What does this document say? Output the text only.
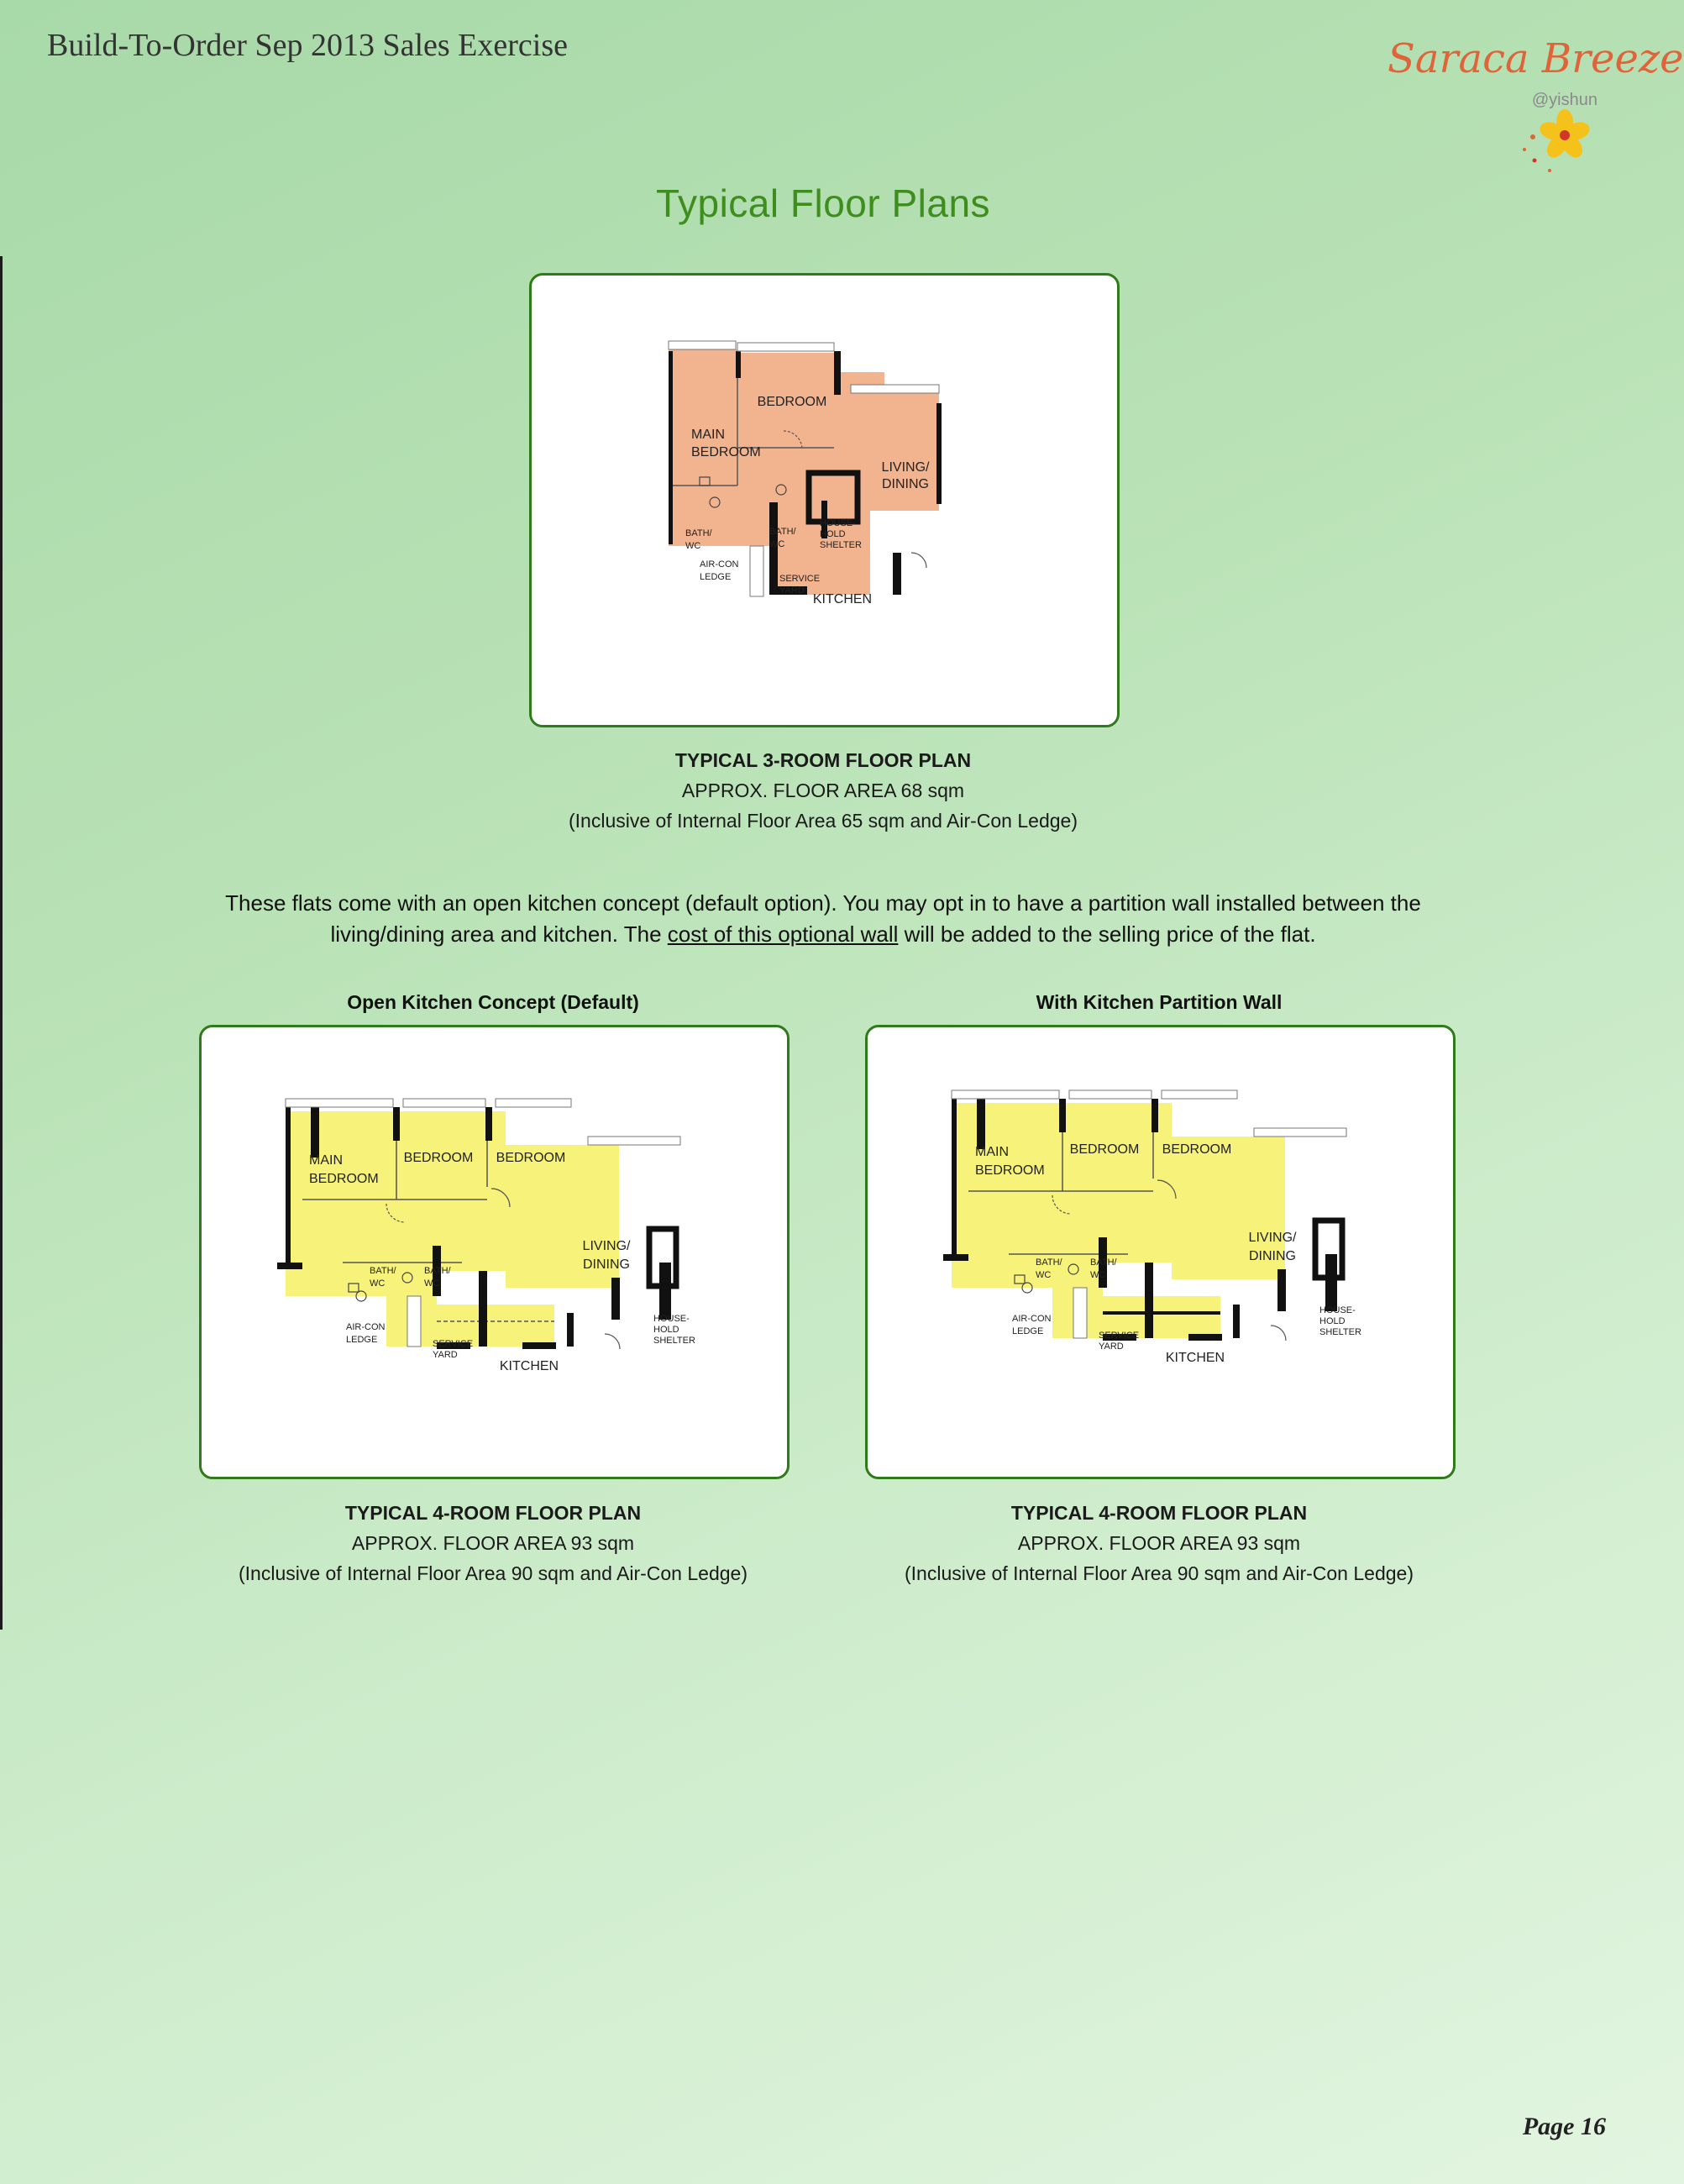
Build-To-Order Sep 2013 Sales Exercise	Saraca Breeze
@yishun
Typical Floor Plans
BEDROOM
MAIN
BEDROOM
LIVING/
DINING
BATH/
WC
BATH/
WC
HOUSE-
HOLD
SHELTER
AIR-CON
LEDGE	SERVICE
YARD
KITCHEN
TYPICAL 3-ROOM FLOOR PLAN
APPROX. FLOOR AREA 68 sqm
(Inclusive of Internal Floor Area 65 sqm and Air-Con Ledge)
These flats come with an open kitchen concept (default option). You may opt in to have a partition wall installed between the
living/dining area and kitchen. The cost of this optional wall will be added to the selling price of the flat.
Open Kitchen Concept (Default)
MAIN
BEDROOM
BEDROOM BEDROOM
LIVING/
DINING
BATH/
WC
BATH/
WC
HOUSE-
HOLD
SHELTER
AIR-CON
LEDGE	SERVICE
YARD
KITCHEN
TYPICAL 4-ROOM FLOOR PLAN
APPROX. FLOOR AREA 93 sqm
(Inclusive of Internal Floor Area 90 sqm and Air-Con Ledge)
With Kitchen Partition Wall
MAIN
BEDROOM
BEDROOM BEDROOM
LIVING/
DINING
BATH/
WC
BATH/
WC
HOUSE-
HOLD
SHELTER
AIR-CON
LEDGE	SERVICE
YARD
KITCHEN
TYPICAL 4-ROOM FLOOR PLAN
APPROX. FLOOR AREA 93 sqm
(Inclusive of Internal Floor Area 90 sqm and Air-Con Ledge)
Page 16
